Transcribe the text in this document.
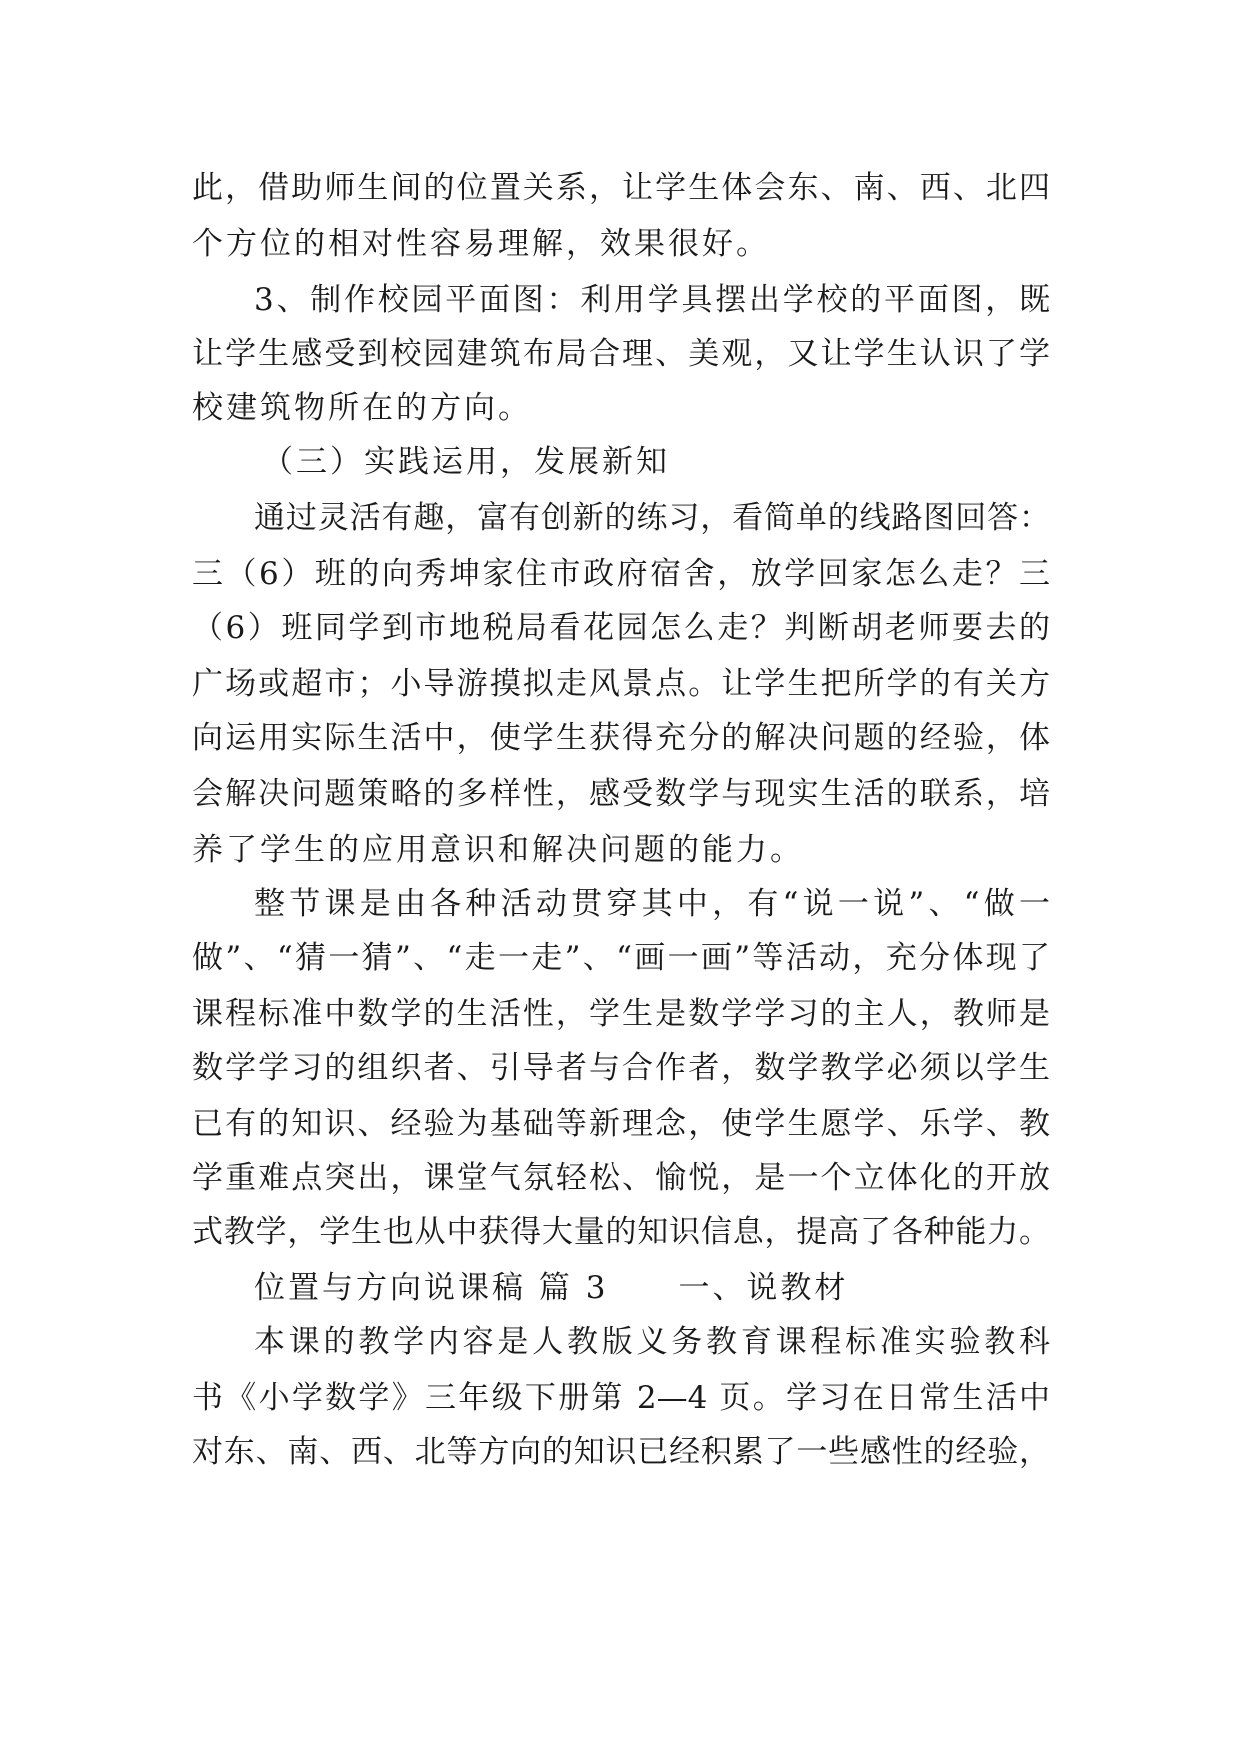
此，借助师生间的位置关系，让学生体会东、南、西、北四
个方位的相对性容易理解，效果很好。
3、制作校园平面图：利用学具摆出学校的平面图，既
让学生感受到校园建筑布局合理、美观，又让学生认识了学
校建筑物所在的方向。
（三）实践运用，发展新知
通过灵活有趣，富有创新的练习，看简单的线路图回答：
三（6）班的向秀坤家住市政府宿舍，放学回家怎么走？三
（6）班同学到市地税局看花园怎么走？判断胡老师要去的
广场或超市；小导游摸拟走风景点。让学生把所学的有关方
向运用实际生活中，使学生获得充分的解决问题的经验，体
会解决问题策略的多样性，感受数学与现实生活的联系，培
养了学生的应用意识和解决问题的能力。
整节课是由各种活动贯穿其中，有“说一说”、“做一
做”、“猜一猜”、“走一走”、“画一画”等活动，充分体现了
课程标准中数学的生活性，学生是数学学习的主人，教师是
数学学习的组织者、引导者与合作者，数学教学必须以学生
已有的知识、经验为基础等新理念，使学生愿学、乐学、教
学重难点突出，课堂气氛轻松、愉悦，是一个立体化的开放
式教学，学生也从中获得大量的知识信息，提高了各种能力。
位置与方向说课稿 篇 3 一、说教材
本课的教学内容是人教版义务教育课程标准实验教科
书《小学数学》三年级下册第 2—4 页。学习在日常生活中
对东、南、西、北等方向的知识已经积累了一些感性的经验，
